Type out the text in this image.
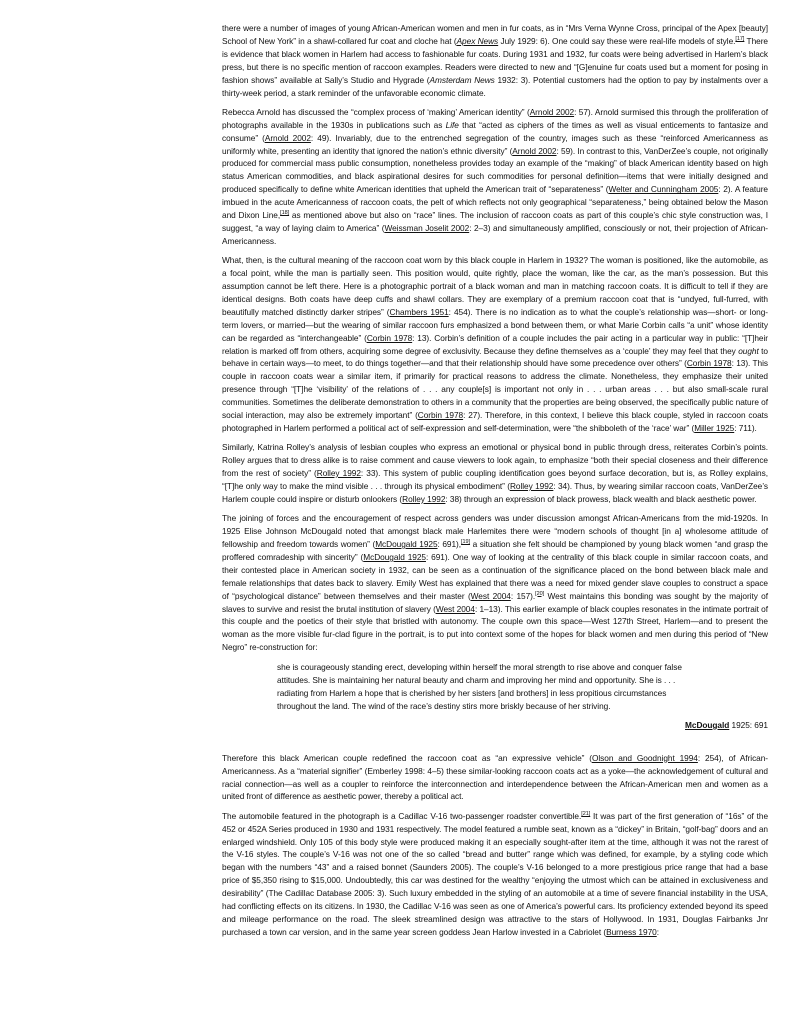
there were a number of images of young African-American women and men in fur coats, as in “Mrs Verna Wynne Cross, principal of the Apex [beauty] School of New York” in a shawl-collared fur coat and cloche hat (Apex News July 1929: 6). One could say these were real-life models of style.[17] There is evidence that black women in Harlem had access to fashionable fur coats. During 1931 and 1932, fur coats were being advertised in Harlem’s black press, but there is no specific mention of raccoon examples. Readers were directed to new and “[G]enuine fur coats used but a moment for posing in fashion shows” available at Sally’s Studio and Hygrade (Amsterdam News 1932: 3). Potential customers had the option to pay by instalments over a thirty-week period, a stark reminder of the unfavorable economic climate.

Rebecca Arnold has discussed the “complex process of ‘making’ American identity” (Arnold 2002: 57). Arnold surmised this through the proliferation of photographs available in the 1930s in publications such as Life that “acted as ciphers of the times as well as visual enticements to fantasize and consume” (Arnold 2002: 49). Invariably, due to the entrenched segregation of the country, images such as these “reinforced Americanness as uniformly white, presenting an identity that ignored the nation’s ethnic diversity” (Arnold 2002: 59). In contrast to this, VanDerZee’s couple, not originally produced for commercial mass public consumption, nonetheless provides today an example of the “making” of black American identity based on high status American commodities, and black aspirational desires for such commodities for personal definition—items that were initially designed and produced specifically to define white American identities that upheld the American trait of “separateness” (Welter and Cunningham 2005: 2). A feature imbued in the acute Americanness of raccoon coats, the pelt of which reflects not only geographical “separateness,” being obtained below the Mason and Dixon Line,[18] as mentioned above but also on “race” lines. The inclusion of raccoon coats as part of this couple’s chic style construction was, I suggest, “a way of laying claim to America” (Weissman Joselit 2002: 2–3) and simultaneously amplified, consciously or not, their projection of African-Americanness.

What, then, is the cultural meaning of the raccoon coat worn by this black couple in Harlem in 1932? The woman is positioned, like the automobile, as a focal point, while the man is partially seen. This position would, quite rightly, place the woman, like the car, as the man’s possession. But this assumption cannot be left there. Here is a photographic portrait of a black woman and man in matching raccoon coats. It is difficult to tell if they are identical designs. Both coats have deep cuffs and shawl collars. They are exemplary of a premium raccoon coat that is “undyed, full-furred, with beautifully matched distinctly darker stripes” (Chambers 1951: 454). There is no indication as to what the couple’s relationship was—short- or long-term lovers, or married—but the wearing of similar raccoon furs emphasized a bond between them, or what Marie Corbin calls “a unit” whose identity can be regarded as “interchangeable” (Corbin 1978: 13). Corbin’s definition of a couple includes the pair acting in a particular way in public: “[T]heir relation is marked off from others, acquiring some degree of exclusivity. Because they define themselves as a ‘couple’ they may feel that they ought to behave in certain ways—to meet, to do things together—and that their relationship should have some precedence over others” (Corbin 1978: 13). This couple in raccoon coats wear a similar item, if primarily for practical reasons to address the climate. Nonetheless, they emphasize their united presence through “[T]he ‘visibility’ of the relations of . . . any couple[s] is important not only in . . . urban areas . . . but also small-scale rural communities. Sometimes the deliberate demonstration to others in a community that the properties are being observed, the specifically public nature of social interaction, may also be extremely important” (Corbin 1978: 27). Therefore, in this context, I believe this black couple, styled in raccoon coats photographed in Harlem performed a political act of self-expression and self-determination, were “the shibboleth of the ‘race’ war” (Miller 1925: 711).

Similarly, Katrina Rolley’s analysis of lesbian couples who express an emotional or physical bond in public through dress, reiterates Corbin’s points. Rolley argues that to dress alike is to raise comment and cause viewers to look again, to emphasize “both their special closeness and their difference from the rest of society” (Rolley 1992: 33). This system of public coupling identification goes beyond surface decoration, but is, as Rolley explains, “[T]he only way to make the mind visible . . . through its physical embodiment” (Rolley 1992: 34). Thus, by wearing similar raccoon coats, VanDerZee’s Harlem couple could inspire or disturb onlookers (Rolley 1992: 38) through an expression of black prowess, black wealth and black aesthetic power.

The joining of forces and the encouragement of respect across genders was under discussion amongst African-Americans from the mid-1920s. In 1925 Elise Johnson McDougald noted that amongst black male Harlemites there were “modern schools of thought [in a] wholesome attitude of fellowship and freedom towards women” (McDougald 1925: 691),[19] a situation she felt should be championed by young black women “and grasp the proffered comradeship with sincerity” (McDougald 1925: 691). One way of looking at the centrality of this black couple in similar raccoon coats, and their contested place in American society in 1932, can be seen as a continuation of the significance placed on the bond between black male and female relationships that dates back to slavery. Emily West has explained that there was a need for mixed gender slave couples to construct a space of “psychological distance” between themselves and their master (West 2004: 157).[20] West maintains this bonding was sought by the majority of slaves to survive and resist the brutal institution of slavery (West 2004: 1–13). This earlier example of black couples resonates in the intimate portrait of this couple and the poetics of their style that bristled with autonomy. The couple own this space—West 127th Street, Harlem—and to present the woman as the more visible fur-clad figure in the portrait, is to put into context some of the hopes for black women and men during this period of “New Negro” re-construction for:

she is courageously standing erect, developing within herself the moral strength to rise above and conquer false attitudes. She is maintaining her natural beauty and charm and improving her mind and opportunity. She is . . . radiating from Harlem a hope that is cherished by her sisters [and brothers] in less propitious circumstances throughout the land. The wind of the race’s destiny stirs more briskly because of her striving.
McDougald 1925: 691

Therefore this black American couple redefined the raccoon coat as “an expressive vehicle” (Olson and Goodnight 1994: 254), of African-Americanness. As a “material signifier” (Emberley 1998: 4–5) these similar-looking raccoon coats act as a yoke—the acknowledgement of cultural and racial connection—as well as a coupler to reinforce the interconnection and interdependence between the African-American men and women as a united front of difference as aesthetic power, thereby a political act.

The automobile featured in the photograph is a Cadillac V-16 two-passenger roadster convertible.[21] It was part of the first generation of “16s” of the 452 or 452A Series produced in 1930 and 1931 respectively. The model featured a rumble seat, known as a “dickey” in Britain, “golf-bag” doors and an enlarged windshield. Only 105 of this body style were produced making it an especially sought-after item at the time, although it was not the rarest of the V-16 styles. The couple’s V-16 was not one of the so called “bread and butter” range which was defined, for example, by a styling code which began with the numbers “43” and a raised bonnet (Saunders 2005). The couple’s V-16 belonged to a more prestigious price range that had a base price of $5,350 rising to $15,000. Undoubtedly, this car was destined for the wealthy “enjoying the utmost which can be attained in exclusiveness and desirability” (The Cadillac Database 2005: 3). Such luxury embedded in the styling of an automobile at a time of severe financial instability in the USA, had conflicting effects on its citizens. In 1930, the Cadillac V-16 was seen as one of America’s powerful cars. Its proficiency extended beyond its speed and mileage performance on the road. The sleek streamlined design was attractive to the stars of Hollywood. In 1931, Douglas Fairbanks Jnr purchased a town car version, and in the same year screen goddess Jean Harlow invested in a Cabriolet (Burness 1970:
